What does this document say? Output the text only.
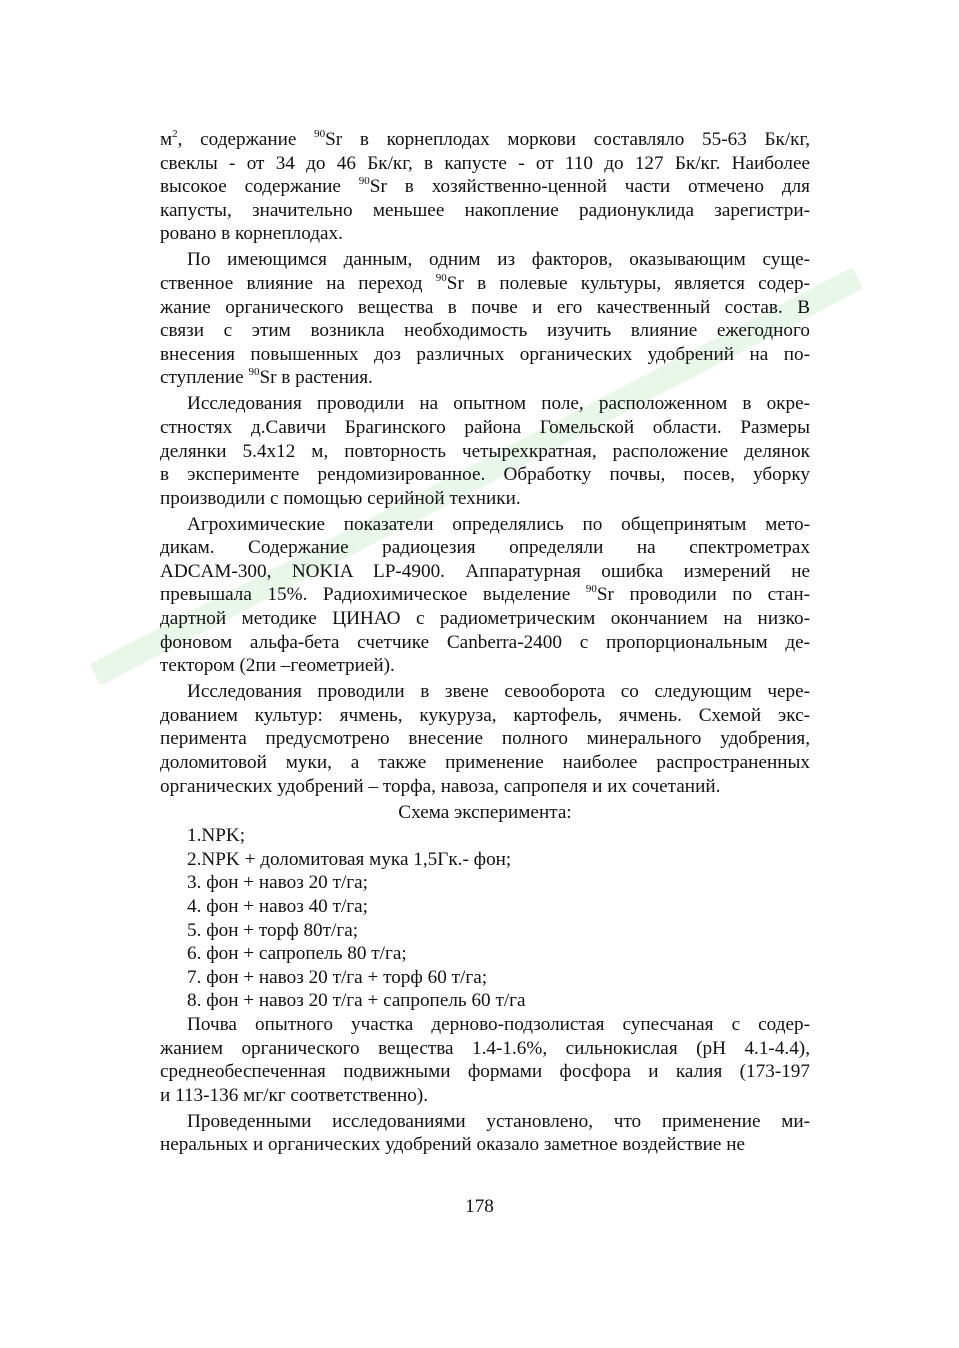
$м^2$, содержание $^{90}$Sr в корнеплодах моркови составляло 55-63 Бк/кг,
свеклы - от 34 до 46 Бк/кг, в капусте - от 110 до 127 Бк/кг. Наиболее
высокое содержание $^{90}$Sr в хозяйственно-ценной части отмечено для
капусты, значительно меньшее накопление радионуклида зарегистри-
ровано в корнеплодах.
По имеющимся данным, одним из факторов, оказывающим суще-
ственное влияние на переход $^{90}$Sr в полевые культуры, является содер-
жание органического вещества в почве и его качественный состав. В
связи с этим возникла необходимость изучить влияние ежегодного
внесения повышенных доз различных органических удобрений на по-
ступление $^{90}$Sr в растения.
Исследования проводили на опытном поле, расположенном в окре-
стностях д.Савичи Брагинского района Гомельской области. Размеры
делянки 5.4x12 м, повторность четырехкратная, расположение делянок
в эксперименте рендомизированное. Обработку почвы, посев, уборку
производили с помощью серийной техники.
Агрохимические показатели определялись по общепринятым мето-
дикам. Содержание радиоцезия определяли на спектрометрах
ADCAM-300, NOKIA LP-4900. Аппаратурная ошибка измерений не
превышала 15%. Радиохимическое выделение $^{90}$Sr проводили по стан-
дартной методике ЦИНАО с радиометрическим окончанием на низко-
фоновом альфа-бета счетчике Canberra-2400 с пропорциональным де-
тектором (2пи –геометрией).
Исследования проводили в звене севооборота со следующим чере-
дованием культур: ячмень, кукуруза, картофель, ячмень. Схемой экс-
перимента предусмотрено внесение полного минерального удобрения,
доломитовой муки, а также применение наиболее распространенных
органических удобрений – торфа, навоза, сапропеля и их сочетаний.
Схема эксперимента:
1.NPK;
2.NPK + доломитовая мука 1,5Гк.- фон;
3. фон + навоз 20 т/га;
4. фон + навоз 40 т/га;
5. фон + торф 80т/га;
6. фон + сапропель 80 т/га;
7. фон + навоз 20 т/га + торф 60 т/га;
8. фон + навоз 20 т/га + сапропель 60 т/га
Почва опытного участка дерново-подзолистая супесчаная с содер-
жанием органического вещества 1.4-1.6%, сильнокислая (pH 4.1-4.4),
среднеобеспеченная подвижными формами фосфора и калия (173-197
и 113-136 мг/кг соответственно).
Проведенными исследованиями установлено, что применение ми-
неральных и органических удобрений оказало заметное воздействие не
178
